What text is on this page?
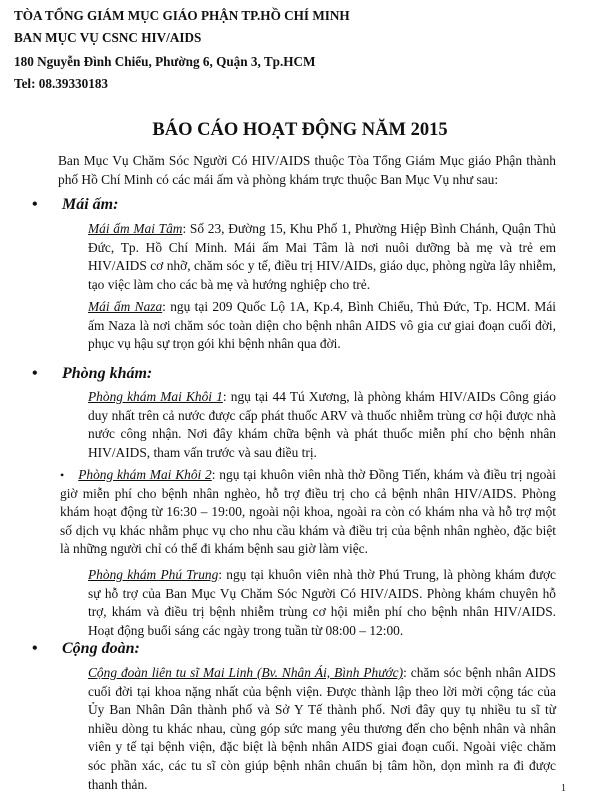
TÒA TỔNG GIÁM MỤC GIÁO PHẬN TP.HỒ CHÍ MINH
BAN MỤC VỤ CSNC HIV/AIDS
180 Nguyễn Đình Chiểu, Phường 6, Quận 3, Tp.HCM
Tel: 08.39330183
BÁO CÁO HOẠT ĐỘNG NĂM 2015
Ban Mục Vụ Chăm Sóc Người Có HIV/AIDS thuộc Tòa Tổng Giám Mục giáo Phận thành phố Hồ Chí Minh có các mái ấm và phòng khám trực thuộc Ban Mục Vụ như sau:
• Mái ấm:
Mái ấm Mai Tâm: Số 23, Đường 15, Khu Phố 1, Phường Hiệp Bình Chánh, Quận Thủ Đức, Tp. Hồ Chí Minh. Mái ấm Mai Tâm là nơi nuôi dưỡng bà mẹ và trẻ em HIV/AIDS cơ nhỡ, chăm sóc y tế, điều trị HIV/AIDs, giáo dục, phòng ngừa lây nhiễm, tạo việc làm cho các bà mẹ và hướng nghiệp cho trẻ.
Mái ấm Naza: ngụ tại 209 Quốc Lộ 1A, Kp.4, Bình Chiểu, Thủ Đức, Tp. HCM. Mái ấm Naza là nơi chăm sóc toàn diện cho bệnh nhân AIDS vô gia cư giai đoạn cuối đời, phục vụ hậu sự trọn gói khi bệnh nhân qua đời.
• Phòng khám:
Phòng khám Mai Khôi 1: ngụ tại 44 Tú Xương, là phòng khám HIV/AIDs Công giáo duy nhất trên cả nước được cấp phát thuốc ARV và thuốc nhiễm trùng cơ hội được nhà nước công nhận. Nơi đây khám chữa bệnh và phát thuốc miễn phí cho bệnh nhân HIV/AIDS, tham vấn trước và sau điều trị.
• Phòng khám Mai Khôi 2: ngụ tại khuôn viên nhà thờ Đồng Tiến, khám và điều trị ngoài giờ miễn phí cho bệnh nhân nghèo, hỗ trợ điều trị cho cả bệnh nhân HIV/AIDS. Phòng khám hoạt động từ 16:30 – 19:00, ngoài nội khoa, ngoài ra còn có khám nha và hỗ trợ một số dịch vụ khác nhằm phục vụ cho nhu cầu khám và điều trị của bệnh nhân nghèo, đặc biệt là những người chỉ có thể đi khám bệnh sau giờ làm việc.
Phòng khám Phú Trung: ngụ tại khuôn viên nhà thờ Phú Trung, là phòng khám được sự hỗ trợ của Ban Mục Vụ Chăm Sóc Người Có HIV/AIDS. Phòng khám chuyên hỗ trợ, khám và điều trị bệnh nhiễm trùng cơ hội miễn phí cho bệnh nhân HIV/AIDS. Hoạt động buổi sáng các ngày trong tuần từ 08:00 – 12:00.
• Cộng đoàn:
Cộng đoàn liên tu sĩ Mai Linh (Bv. Nhân Ái, Bình Phước): chăm sóc bệnh nhân AIDS cuối đời tại khoa nặng nhất của bệnh viện. Được thành lập theo lời mời cộng tác của Ủy Ban Nhân Dân thành phố và Sở Y Tế thành phố. Nơi đây quy tụ nhiều tu sĩ từ nhiều dòng tu khác nhau, cùng góp sức mang yêu thương đến cho bệnh nhân và nhân viên y tế tại bệnh viện, đặc biệt là bệnh nhân AIDS giai đoạn cuối. Ngoài việc chăm sóc phần xác, các tu sĩ còn giúp bệnh nhân chuẩn bị tâm hồn, dọn mình ra đi được thanh thản.	1
